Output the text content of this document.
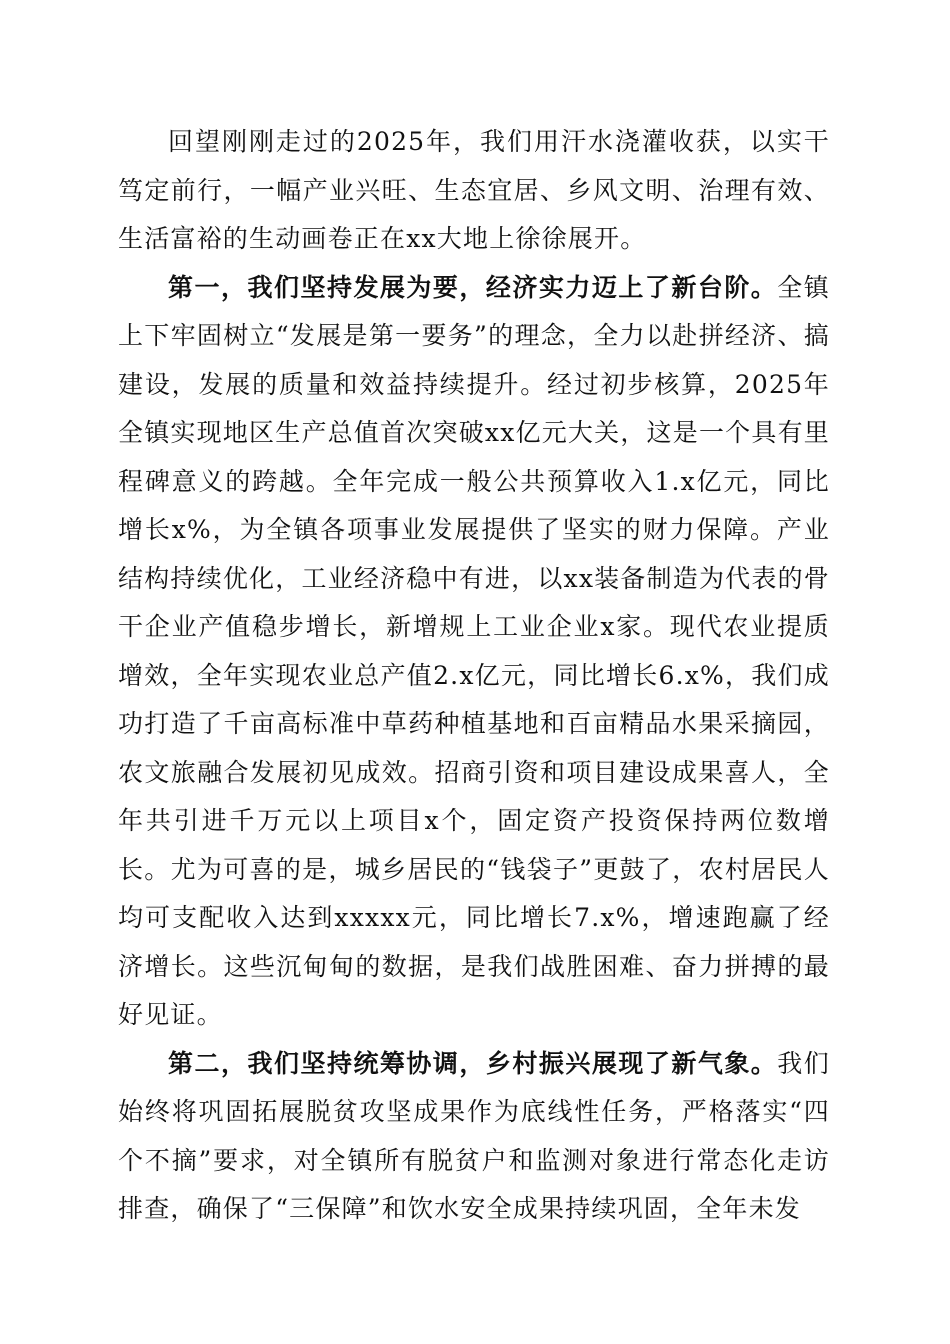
回望刚刚走过的2025年，我们用汗水浇灌收获，以实干笃定前行，一幅产业兴旺、生态宜居、乡风文明、治理有效、生活富裕的生动画卷正在xx大地上徐徐展开。

第一，我们坚持发展为要，经济实力迈上了新台阶。全镇上下牢固树立“发展是第一要务”的理念，全力以赴拼经济、搞建设，发展的质量和效益持续提升。经过初步核算，2025年全镇实现地区生产总值首次突破xx亿元大关，这是一个具有里程碑意义的跨越。全年完成一般公共预算收入1.x亿元，同比增长x%，为全镇各项事业发展提供了坚实的财力保障。产业结构持续优化，工业经济稳中有进，以xx装备制造为代表的骨干企业产值稳步增长，新增规上工业企业x家。现代农业提质增效，全年实现农业总产值2.x亿元，同比增长6.x%，我们成功打造了千亩高标准中草药种植基地和百亩精品水果采摘园，农文旅融合发展初见成效。招商引资和项目建设成果喜人，全年共引进千万元以上项目x个，固定资产投资保持两位数增长。尤为可喜的是，城乡居民的“钱袋子”更鼓了，农村居民人均可支配收入达到xxxxx元，同比增长7.x%，增速跑赢了经济增长。这些沉甸甸的数据，是我们战胜困难、奋力拼搏的最好见证。

第二，我们坚持统筹协调，乡村振兴展现了新气象。我们始终将巩固拓展脱贫攻坚成果作为底线性任务，严格落实“四个不摘”要求，对全镇所有脱贫户和监测对象进行常态化走访排查，确保了“三保障”和饮水安全成果持续巩固，全年未发
